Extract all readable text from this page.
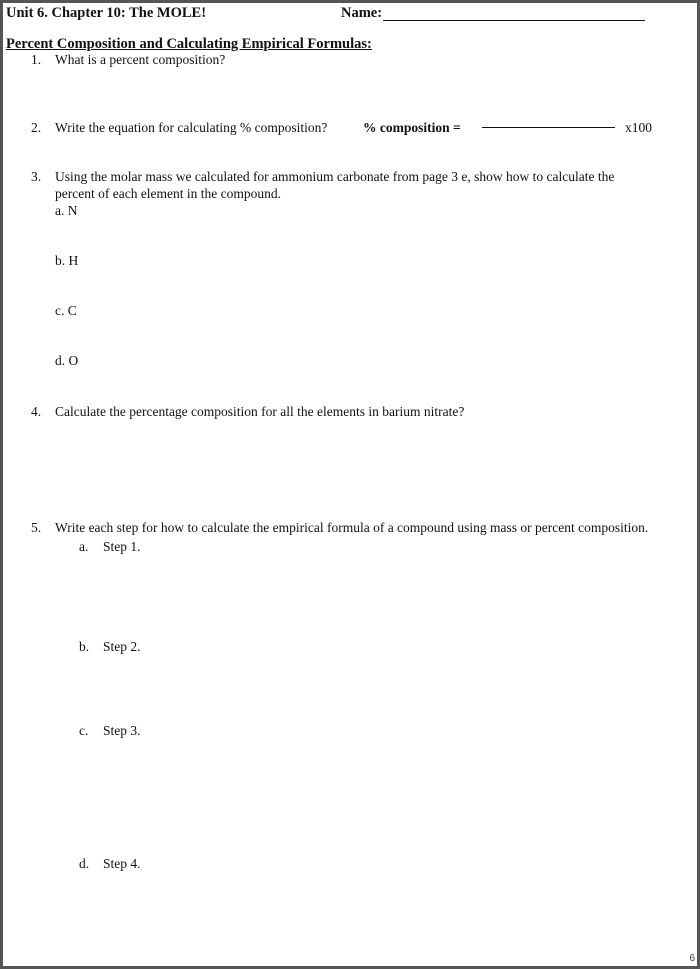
Unit 6. Chapter 10: The MOLE!	Name:
Percent Composition and Calculating Empirical Formulas:
1. What is a percent composition?
2. Write the equation for calculating % composition?	% composition =	x100
3. Using the molar mass we calculated for ammonium carbonate from page 3 e, show how to calculate the
percent of each element in the compound.
a. N
b. H
c. C
d. O
4. Calculate the percentage composition for all the elements in barium nitrate?
5. Write each step for how to calculate the empirical formula of a compound using mass or percent composition.
a. Step 1.
b. Step 2.
c. Step 3.
d. Step 4.
6
